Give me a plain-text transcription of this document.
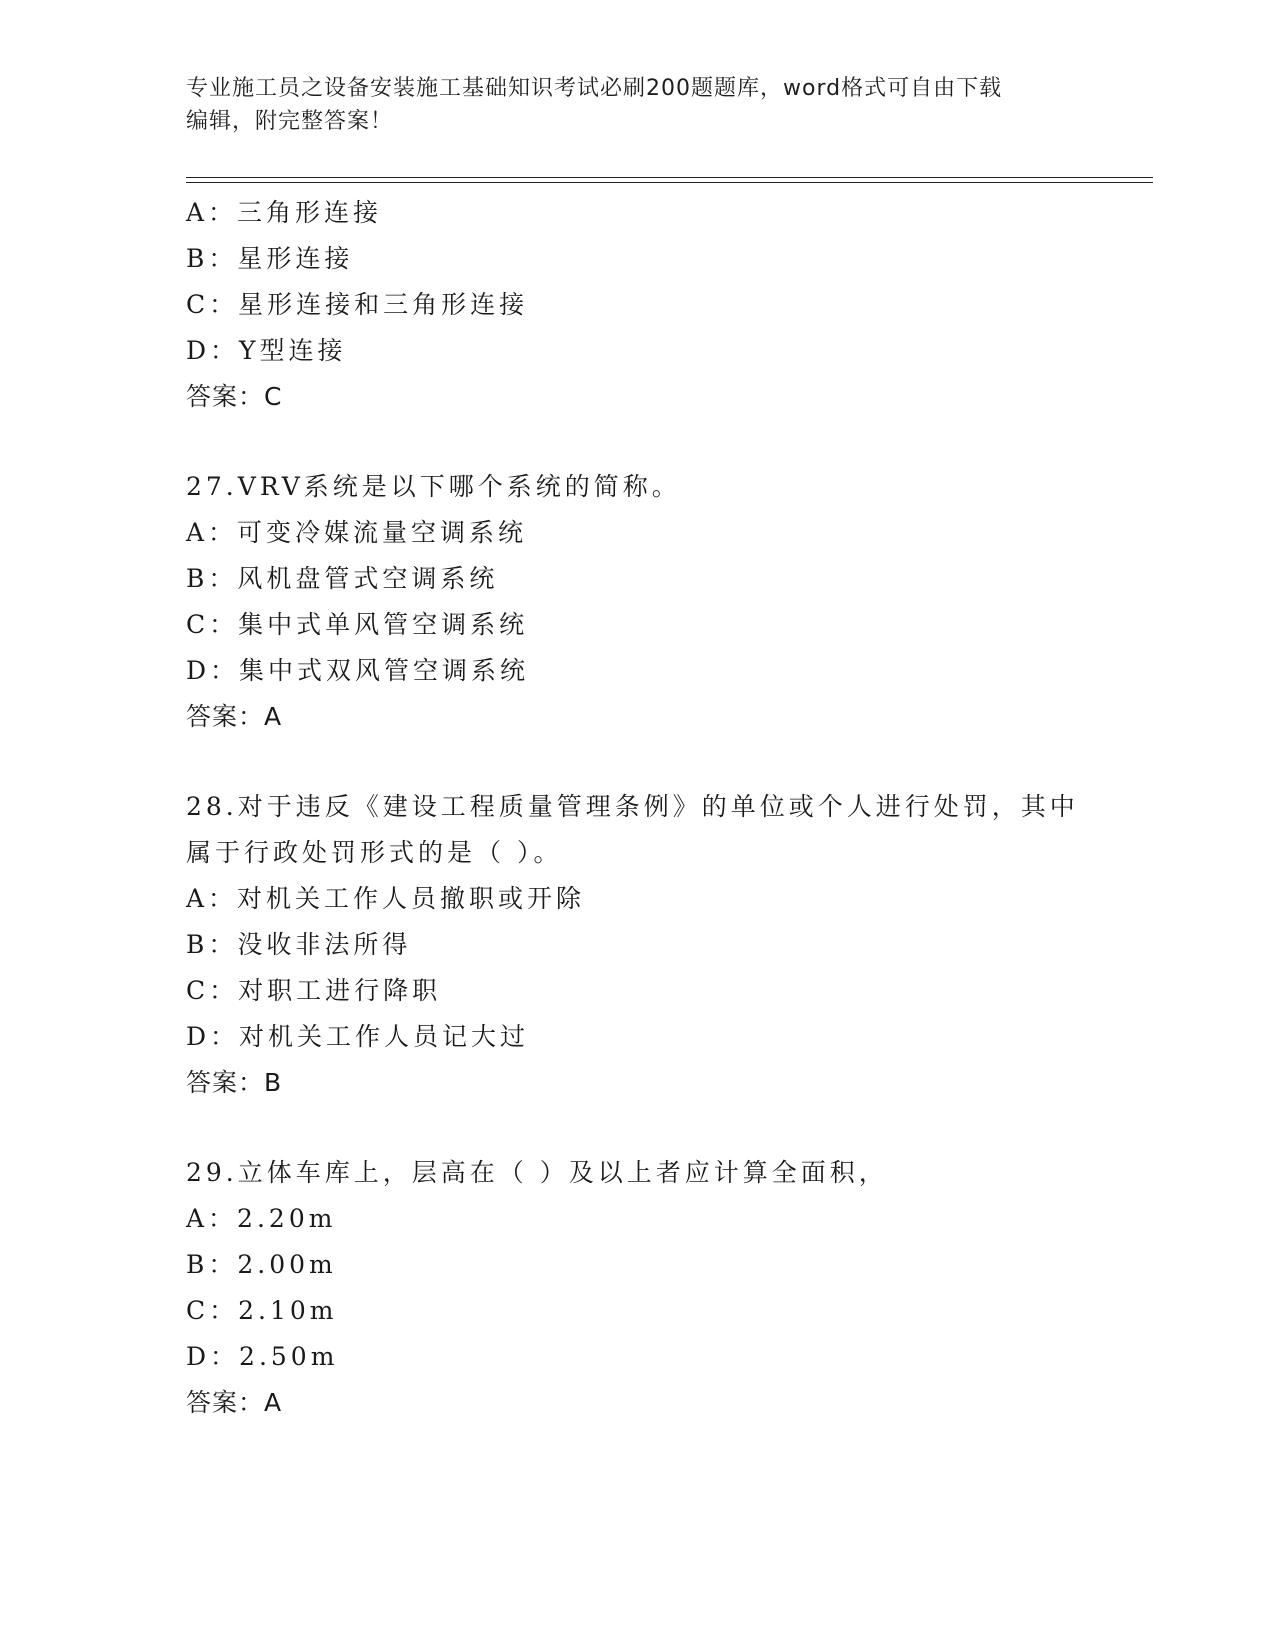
专业施工员之设备安装施工基础知识考试必刷200题题库，word格式可自由下载
编辑，附完整答案！
A：三角形连接
B：星形连接
C：星形连接和三角形连接
D：Y型连接
答案：C
27.VRV系统是以下哪个系统的简称。
A：可变冷媒流量空调系统
B：风机盘管式空调系统
C：集中式单风管空调系统
D：集中式双风管空调系统
答案：A
28.对于违反《建设工程质量管理条例》的单位或个人进行处罚，其中
属于行政处罚形式的是（ ）。
A：对机关工作人员撤职或开除
B：没收非法所得
C：对职工进行降职
D：对机关工作人员记大过
答案：B
29.立体车库上，层高在（ ）及以上者应计算全面积，
A：2.20m
B：2.00m
C：2.10m
D：2.50m
答案：A
